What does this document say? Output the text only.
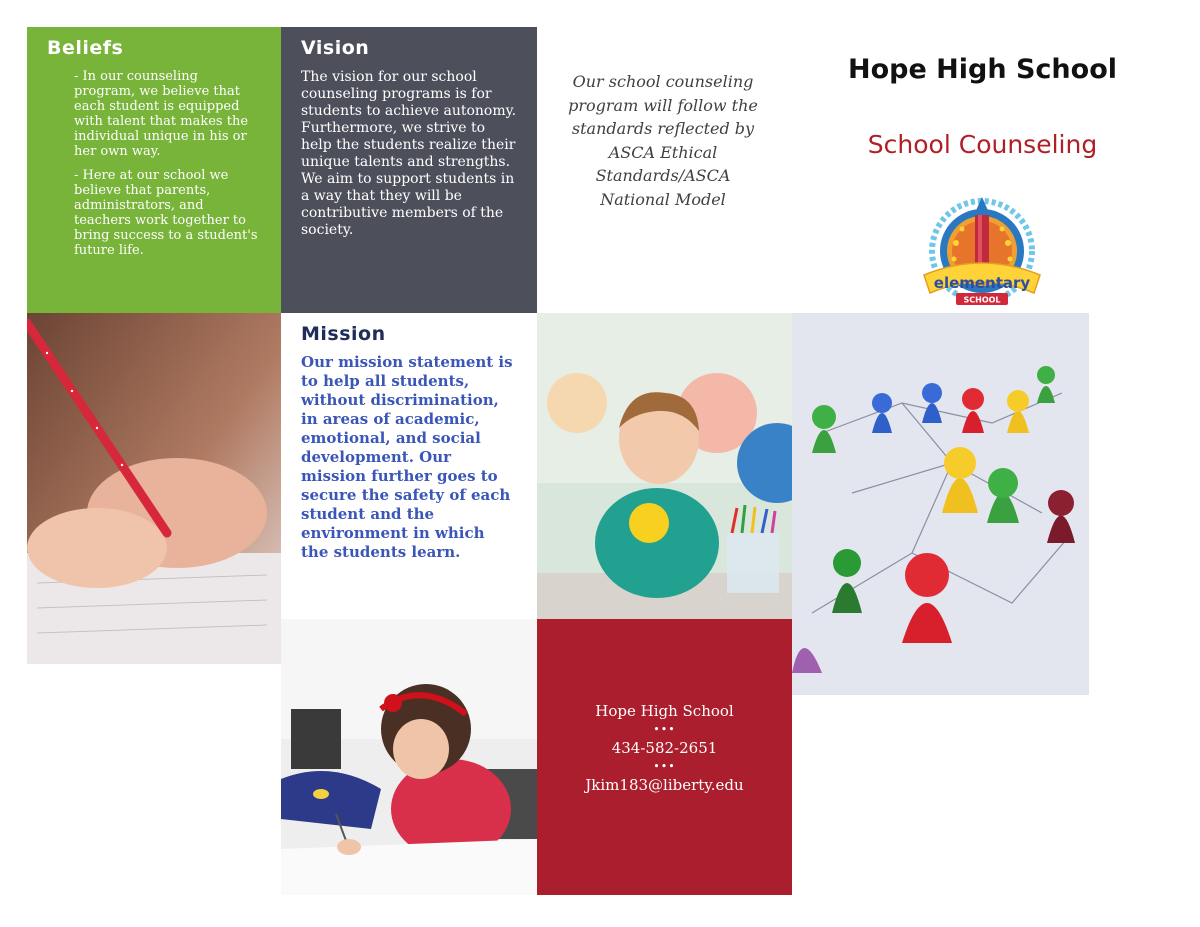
Beliefs
- In our counseling program, we believe that each student is equipped with talent that makes the individual unique in his or her own way.
- Here at our school we believe that parents, administrators, and teachers work together to bring success to a student's future life.
Vision

The vision for our school counseling programs is for students to achieve autonomy. Furthermore, we strive to help the students realize their unique talents and strengths. We aim to support students in a way that they will be contributive members of the society.

Our school counseling program will follow the standards reflected by ASCA Ethical Standards/ASCA National Model
Hope High School
School Counseling
elementary
SCHOOL
Mission

Our mission statement is to help all students, without discrimination, in areas of academic, emotional, and social development. Our mission further goes to secure the safety of each student and the environment in which the students learn.

Hope High School
•••
434-582-2651
•••
Jkim183@liberty.edu
